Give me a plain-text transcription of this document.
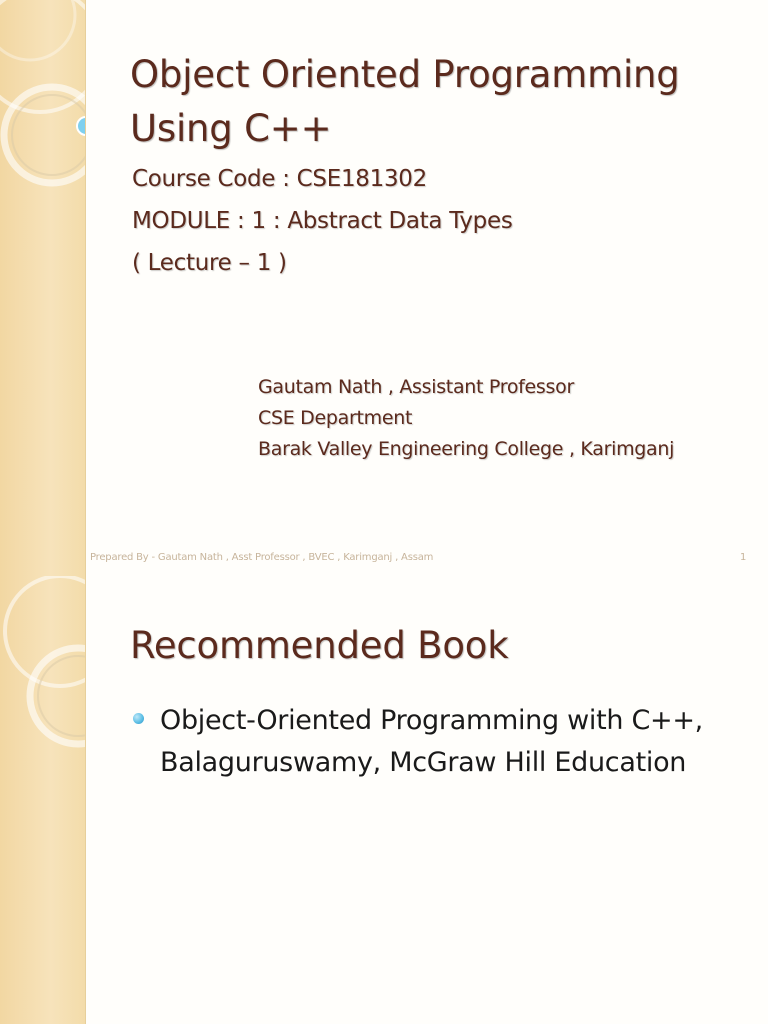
Object Oriented Programming
Using C++
Course Code : CSE181302
MODULE : 1 : Abstract Data Types
( Lecture – 1 )
Gautam Nath , Assistant Professor
CSE Department
Barak Valley Engineering College , Karimganj
Prepared By - Gautam Nath , Asst Professor , BVEC , Karimganj , Assam	1
Recommended Book
Object-Oriented Programming with C++,
Balaguruswamy, McGraw Hill Education
